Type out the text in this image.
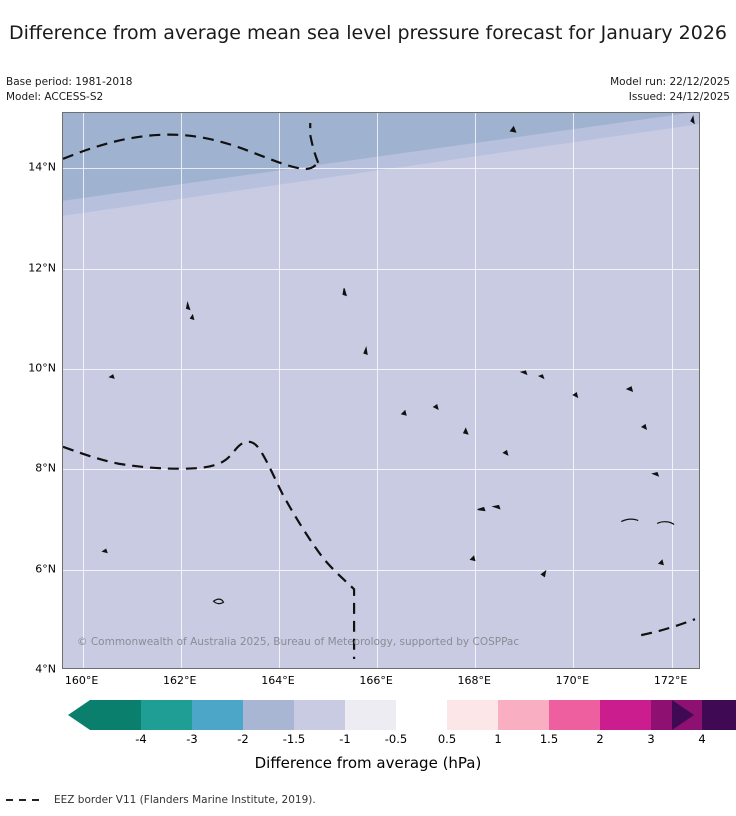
Difference from average mean sea level pressure forecast for January 2026
Base period: 1981-2018
Model: ACCESS-S2
Model run: 22/12/2025
Issued: 24/12/2025
© Commonwealth of Australia 2025, Bureau of Meteorology, supported by COSPPac
160°E	162°E	164°E	166°E	168°E	170°E	172°E
14°N
12°N
10°N
8°N
6°N
4°N
-4	-3	-2	-1.5	-1	-0.5	0.5	1	1.5	2	3	4
Difference from average (hPa)
EEZ border V11 (Flanders Marine Institute, 2019).
